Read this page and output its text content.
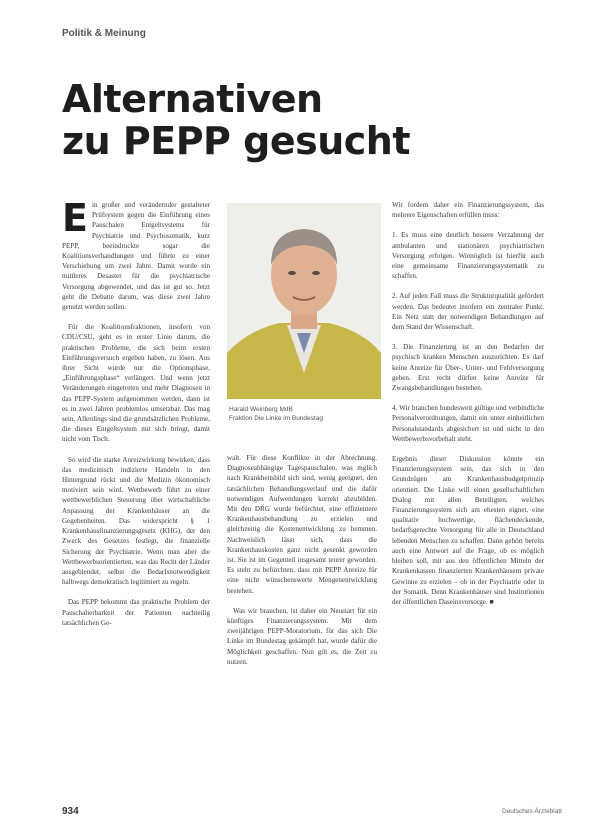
Politik & Meinung
Alternativen
zu PEPP gesucht

Ein großer und verändernder gestalteter Prüfsystem gegen die Einführung eines Pauschalen Entgeltsystems für Psychiatrie und Psychosomatik, kurz PEPP, beeindruckte sogar die Koalitionsverhandlungen und führte zu einer Verschiebung um zwei Jahre. Damit wurde ein mittleres Desaster für die psychiatrische Versorgung abgewendet, und das ist gut so. Jetzt geht die Debatte darum, was diese zwei Jahre genutzt werden sollen.

Für die Koalitionsfraktionen, insofern von CDU/CSU, geht es in erster Linie darum, die praktischen Probleme, die sich beim ersten Einführungsversuch ergeben haben, zu lösen. Aus ihrer Sicht wurde nur die Optionsphase, „Einführungsphase“ verlängert. Und wenn jetzt Veränderungen eingetreten und mehr Diagnosen in das PEPP-System aufgenommen werden, dann ist es in zwei Jahren problemlos umsetzbar. Das mag sein. Allerdings sind die grundsätzlichen Probleme, die dieses Entgeltsystem mit sich bringt, damit nicht vom Tisch.

So wird die starke Anreizwirkung bewirken, dass das medizinisch indizierte Handeln in den Hintergrund rückt und die Medizin ökonomisch motiviert sein wird. Wettbewerb führt zu einer wettbewerblichen Steuerung über wirtschaftliche Anpassung der Krankenhäuser an die Gegebenheiten. Das widerspricht § 1 Krankenhausfinanzierungsgesetz (KHG), der den Zweck des Gesetzes festlegt, die finanzielle Sicherung der Psychiatrie. Wenn man aber die Wettbewerbsorientierten, was das Recht der Länder ausgeblendet, selbst die Bedarfsnotwendigkeit halbwegs demokratisch legitimiert zu regeln.

Das PEPP bekommt das praktische Problem der Pauschalierbarkeit der Patienten nachteilig tatsächlichen Ge-

Harald Weinberg MdB
Fraktion Die Linke im Bundestag

walt. Für diese Konflikte in der Abrechnung. Diagnoseabhängige Tagespauschalen, was mglich nach Krankheitsbild sich sind, wenig geeignet, den tatsächlichen Behandlungsverlauf und die dafür notwendigen Aufwendungen korrekt abzubilden. Mit den DRG wurde befürchtet, eine effizientere Krankenhausbehandlung zu erzielen und gleichzeitig die Kostenentwicklung zu hemmen. Nachweislich lässt sich, dass die Krankenhauskosten ganz nicht gesenkt geworden ist. Sie ist im Gegenteil insgesamt teurer geworden. Es steht zu befürchten, dass mit PEPP Anreize für eine nicht wünschenswerte Mengenentwicklung bestehen.

Was wir brauchen, ist daher ein Neustart für ein künftiges Finanzierungssystem. Mit dem zweijährigen PEPP-Moratorium, für das sich Die Linke im Bundestag gekämpft hat, wurde dafür die Möglichkeit geschaffen. Nun gilt es, die Zeit zu nutzen.

Wir fordern daher ein Finanzierungssystem, das mehrere Eigenschaften erfüllen muss:

1. Es muss eine deutlich bessere Verzahnung der ambulanten und stationären psychiatrischen Versorgung erfolgen. Womöglich ist hierfür auch eine gemeinsame Finanzierungssystematik zu schaffen.

2. Auf jeden Fall muss die Strukturqualität gefördert werden. Das bedeutet insofern ein zentraler Punkt. Ein Netz statt der notwendigen Behandlungen auf dem Stand der Wissenschaft.

3. Die Finanzierung ist an den Bedarfen der psychisch kranken Menschen auszurichten. Es darf keine Anreize für Über-, Unter- und Fehlversorgung geben. Erst recht dürfen keine Anreize für Zwangsbehandlungen bestehen.

4. Wir brauchen bundesweit gültige und verbindliche Personalverordnungen, damit ein unter einheitlichen Personalstandards abgesichert ist und nicht in den Wettbewerbsvorbehalt steht.

Ergebnis dieser Diskussion könnte ein Finanzierungssystem sein, das sich in den Grundzügen am Krankenhausbudgetprinzip orientiert. Die Linke will einen gesellschaftlichen Dialog mit allen Beteiligten, welches Finanzierungssystem sich am ehesten eignet, eine qualitativ hochwertige, flächendeckende, bedarfsgerechte Versorgung für alle in Deutschland lebenden Menschen zu schaffen. Dann gehört bereits auch eine Antwort auf die Frage, ob es möglich bleiben soll, mit aus den öffentlichen Mitteln der Krankenkassen finanzierten Krankenhäusern private Gewinne zu erzielen – ob in der Psychiatrie oder in der Somatik. Denn Krankenhäuser sind Institutionen der öffentlichen Daseinsvorsorge. ■

934	Deutsches Ärzteblatt
